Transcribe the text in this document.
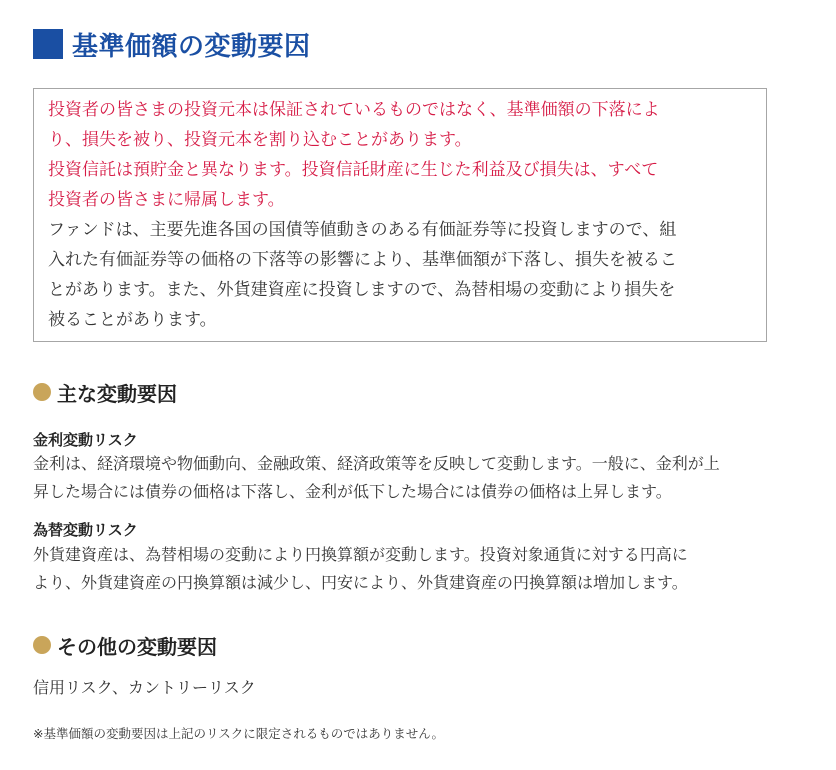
基準価額の変動要因
投資者の皆さまの投資元本は保証されているものではなく、基準価額の下落によ
り、損失を被り、投資元本を割り込むことがあります。
投資信託は預貯金と異なります。投資信託財産に生じた利益及び損失は、すべて
投資者の皆さまに帰属します。
ファンドは、主要先進各国の国債等値動きのある有価証券等に投資しますので、組
入れた有価証券等の価格の下落等の影響により、基準価額が下落し、損失を被るこ
とがあります。また、外貨建資産に投資しますので、為替相場の変動により損失を
被ることがあります。
主な変動要因
金利変動リスク
金利は、経済環境や物価動向、金融政策、経済政策等を反映して変動します。一般に、金利が上
昇した場合には債券の価格は下落し、金利が低下した場合には債券の価格は上昇します。
為替変動リスク
外貨建資産は、為替相場の変動により円換算額が変動します。投資対象通貨に対する円高に
より、外貨建資産の円換算額は減少し、円安により、外貨建資産の円換算額は増加します。
その他の変動要因
信用リスク、カントリーリスク
※基準価額の変動要因は上記のリスクに限定されるものではありません。
